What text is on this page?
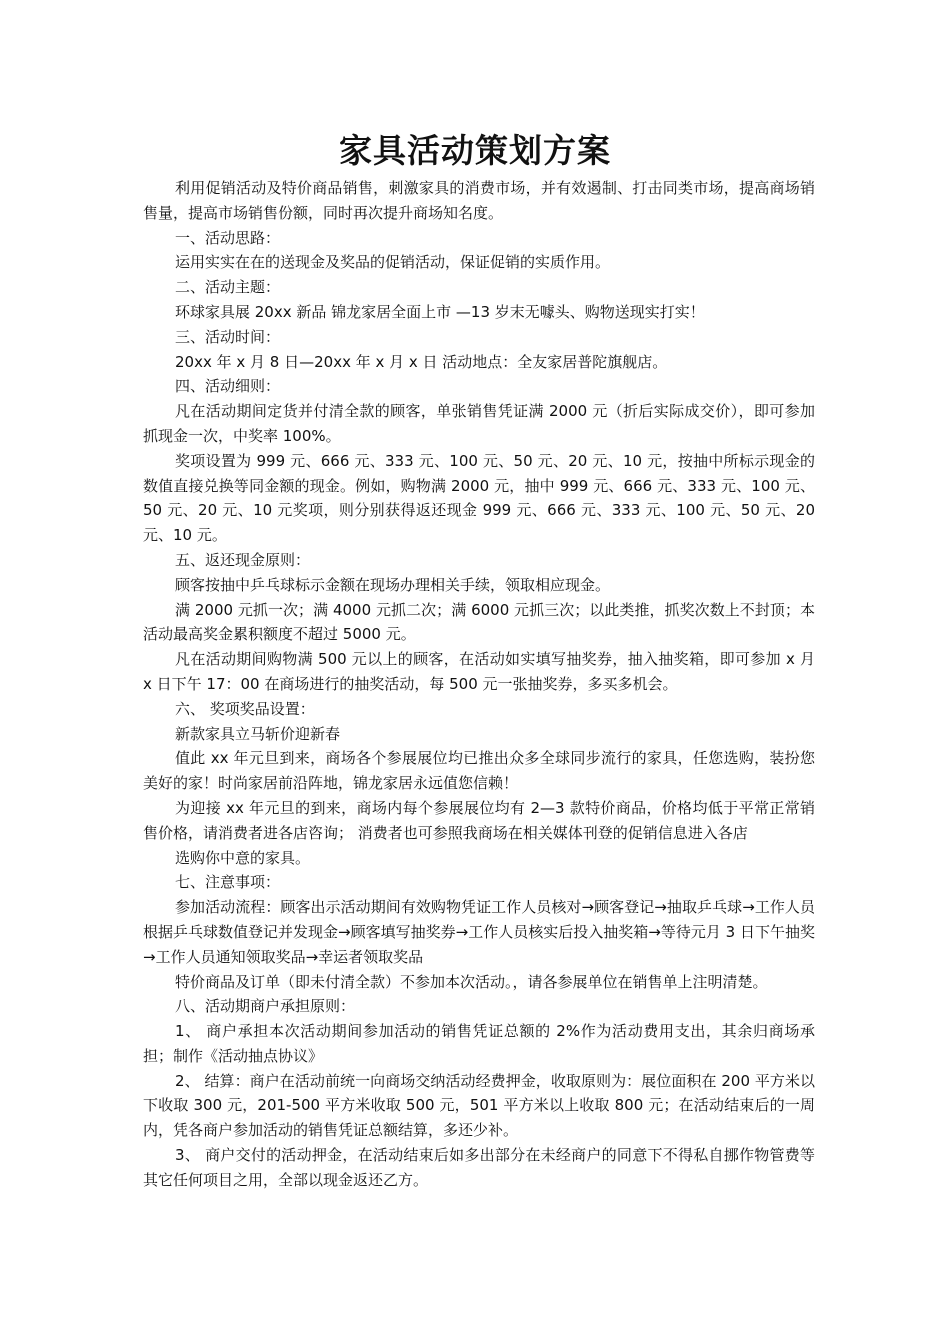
家具活动策划方案

利用促销活动及特价商品销售，刺激家具的消费市场，并有效遏制、打击同类市场，提高商场销售量，提高市场销售份额，同时再次提升商场知名度。

一、活动思路：

运用实实在在的送现金及奖品的促销活动，保证促销的实质作用。

二、活动主题：

环球家具展 20xx 新品 锦龙家居全面上市 —13 岁末无噱头、购物送现实打实！

三、活动时间：

20xx 年 x 月 8 日—20xx 年 x 月 x 日 活动地点：全友家居普陀旗舰店。

四、活动细则：

凡在活动期间定货并付清全款的顾客，单张销售凭证满 2000 元（折后实际成交价），即可参加抓现金一次，中奖率 100%。

奖项设置为 999 元、666 元、333 元、100 元、50 元、20 元、10 元，按抽中所标示现金的数值直接兑换等同金额的现金。例如，购物满 2000 元，抽中 999 元、666 元、333 元、100 元、50 元、20 元、10 元奖项，则分别获得返还现金 999 元、666 元、333 元、100 元、50 元、20 元、10 元。

五、返还现金原则：

顾客按抽中乒乓球标示金额在现场办理相关手续，领取相应现金。

满 2000 元抓一次；满 4000 元抓二次；满 6000 元抓三次；以此类推，抓奖次数上不封顶；本活动最高奖金累积额度不超过 5000 元。

凡在活动期间购物满 500 元以上的顾客，在活动如实填写抽奖券，抽入抽奖箱，即可参加 x 月 x 日下午 17：00 在商场进行的抽奖活动，每 500 元一张抽奖券，多买多机会。

六、 奖项奖品设置：

新款家具立马斩价迎新春

值此 xx 年元旦到来，商场各个参展展位均已推出众多全球同步流行的家具，任您选购，装扮您美好的家！时尚家居前沿阵地，锦龙家居永远值您信赖！

为迎接 xx 年元旦的到来，商场内每个参展展位均有 2—3 款特价商品，价格均低于平常正常销售价格，请消费者进各店咨询； 消费者也可参照我商场在相关媒体刊登的促销信息进入各店

选购你中意的家具。

七、注意事项：

参加活动流程：顾客出示活动期间有效购物凭证工作人员核对→顾客登记→抽取乒乓球→工作人员根据乒乓球数值登记并发现金→顾客填写抽奖券→工作人员核实后投入抽奖箱→等待元月 3 日下午抽奖→工作人员通知领取奖品→幸运者领取奖品

特价商品及订单（即未付清全款）不参加本次活动。，请各参展单位在销售单上注明清楚。

八、活动期商户承担原则：

1、 商户承担本次活动期间参加活动的销售凭证总额的 2%作为活动费用支出，其余归商场承担；制作《活动抽点协议》

2、 结算：商户在活动前统一向商场交纳活动经费押金，收取原则为：展位面积在 200 平方米以下收取 300 元，201-500 平方米收取 500 元，501 平方米以上收取 800 元；在活动结束后的一周内，凭各商户参加活动的销售凭证总额结算，多还少补。

3、 商户交付的活动押金，在活动结束后如多出部分在未经商户的同意下不得私自挪作物管费等其它任何项目之用，全部以现金返还乙方。
